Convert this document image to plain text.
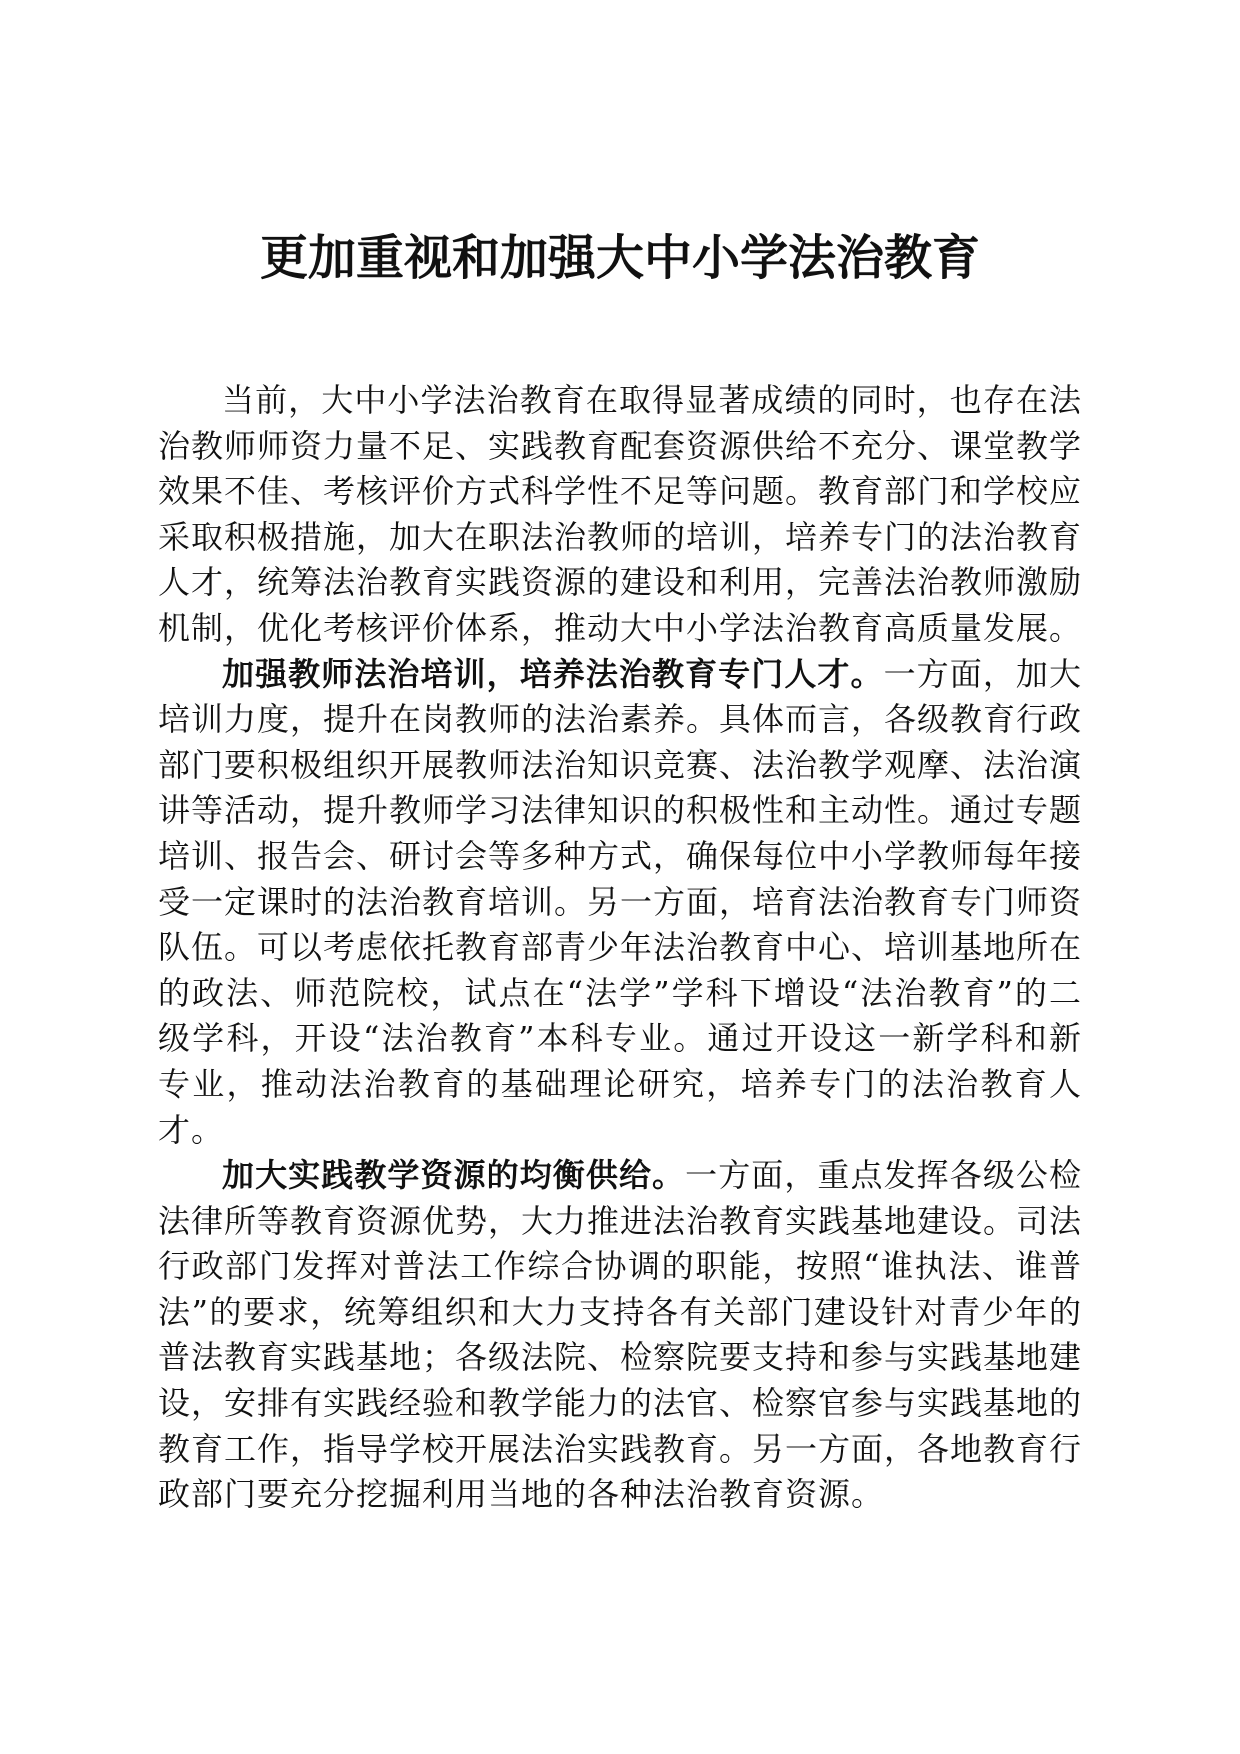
更加重视和加强大中小学法治教育

当前，大中小学法治教育在取得显著成绩的同时，也存在法治教师师资力量不足、实践教育配套资源供给不充分、课堂教学效果不佳、考核评价方式科学性不足等问题。教育部门和学校应采取积极措施，加大在职法治教师的培训，培养专门的法治教育人才，统筹法治教育实践资源的建设和利用，完善法治教师激励机制，优化考核评价体系，推动大中小学法治教育高质量发展。

加强教师法治培训，培养法治教育专门人才。一方面，加大培训力度，提升在岗教师的法治素养。具体而言，各级教育行政部门要积极组织开展教师法治知识竞赛、法治教学观摩、法治演讲等活动，提升教师学习法律知识的积极性和主动性。通过专题培训、报告会、研讨会等多种方式，确保每位中小学教师每年接受一定课时的法治教育培训。另一方面，培育法治教育专门师资队伍。可以考虑依托教育部青少年法治教育中心、培训基地所在的政法、师范院校，试点在“法学”学科下增设“法治教育”的二级学科，开设“法治教育”本科专业。通过开设这一新学科和新专业，推动法治教育的基础理论研究，培养专门的法治教育人才。

加大实践教学资源的均衡供给。一方面，重点发挥各级公检法律所等教育资源优势，大力推进法治教育实践基地建设。司法行政部门发挥对普法工作综合协调的职能，按照“谁执法、谁普法”的要求，统筹组织和大力支持各有关部门建设针对青少年的普法教育实践基地；各级法院、检察院要支持和参与实践基地建设，安排有实践经验和教学能力的法官、检察官参与实践基地的教育工作，指导学校开展法治实践教育。另一方面，各地教育行政部门要充分挖掘利用当地的各种法治教育资源。
